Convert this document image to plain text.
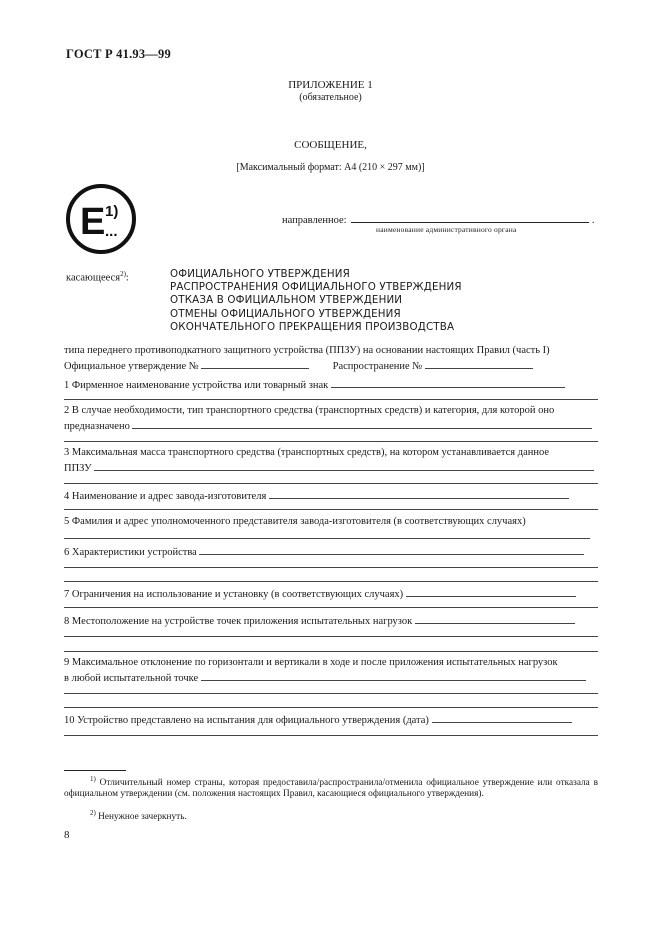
ГОСТ Р 41.93—99
ПРИЛОЖЕНИЕ 1
(обязательное)
СООБЩЕНИЕ,
[Максимальный формат: А4 (210 × 297 мм)]
E 1)
...
направленное:	.
наименование административного органа
касающееся$^{2)}$:	ОФИЦИАЛЬНОГО УТВЕРЖДЕНИЯ
РАСПРОСТРАНЕНИЯ ОФИЦИАЛЬНОГО УТВЕРЖДЕНИЯ
ОТКАЗА В ОФИЦИАЛЬНОМ УТВЕРЖДЕНИИ
ОТМЕНЫ ОФИЦИАЛЬНОГО УТВЕРЖДЕНИЯ
ОКОНЧАТЕЛЬНОГО ПРЕКРАЩЕНИЯ ПРОИЗВОДСТВА
типа переднего противоподкатного защитного устройства (ППЗУ) на основании настоящих Правил (часть I)
Официальное утверждение №	Распространение №
1 Фирменное наименование устройства или товарный знак
2 В случае необходимости, тип транспортного средства (транспортных средств) и категория, для которой оно
предназначено
3 Максимальная масса транспортного средства (транспортных средств), на котором устанавливается данное
ППЗУ
4 Наименование и адрес завода-изготовителя
5 Фамилия и адрес уполномоченного представителя завода-изготовителя (в соответствующих случаях)
6 Характеристики устройства
7 Ограничения на использование и установку (в соответствующих случаях)
8 Местоположение на устройстве точек приложения испытательных нагрузок
9 Максимальное отклонение по горизонтали и вертикали в ходе и после приложения испытательных нагрузок
в любой испытательной точке
10 Устройство представлено на испытания для официального утверждения (дата)
$^{1)}$ Отличительный номер страны, которая предоставила/распространила/отменила официальное утверждение или отказала в официальном утверждении (см. положения настоящих Правил, касающиеся официального утверждения).
$^{2)}$ Ненужное зачеркнуть.
8
